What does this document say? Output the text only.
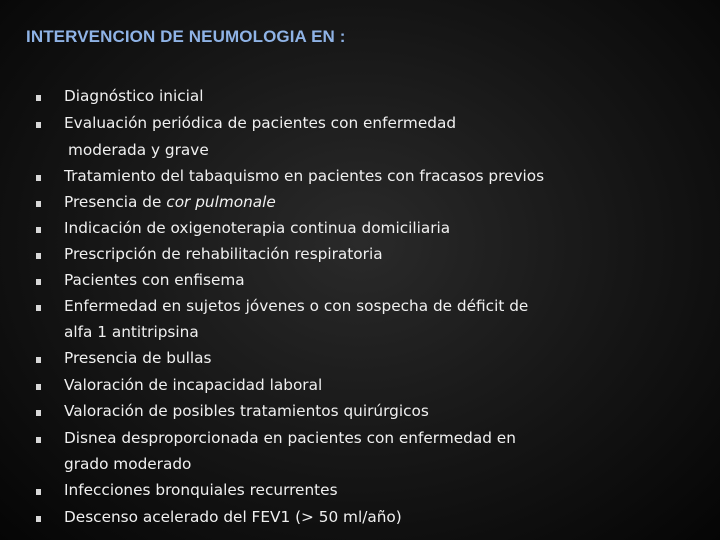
INTERVENCION DE NEUMOLOGIA EN :
Diagnóstico inicial
Evaluación periódica de pacientes con enfermedad
moderada y grave
Tratamiento del tabaquismo en pacientes con fracasos previos
Presencia de cor pulmonale
Indicación de oxigenoterapia continua domiciliaria
Prescripción de rehabilitación respiratoria
Pacientes con enfisema
Enfermedad en sujetos jóvenes o con sospecha de déficit de
alfa 1 antitripsina
Presencia de bullas
Valoración de incapacidad laboral
Valoración de posibles tratamientos quirúrgicos
Disnea desproporcionada en pacientes con enfermedad en
grado moderado
Infecciones bronquiales recurrentes
Descenso acelerado del FEV1 (> 50 ml/año)
